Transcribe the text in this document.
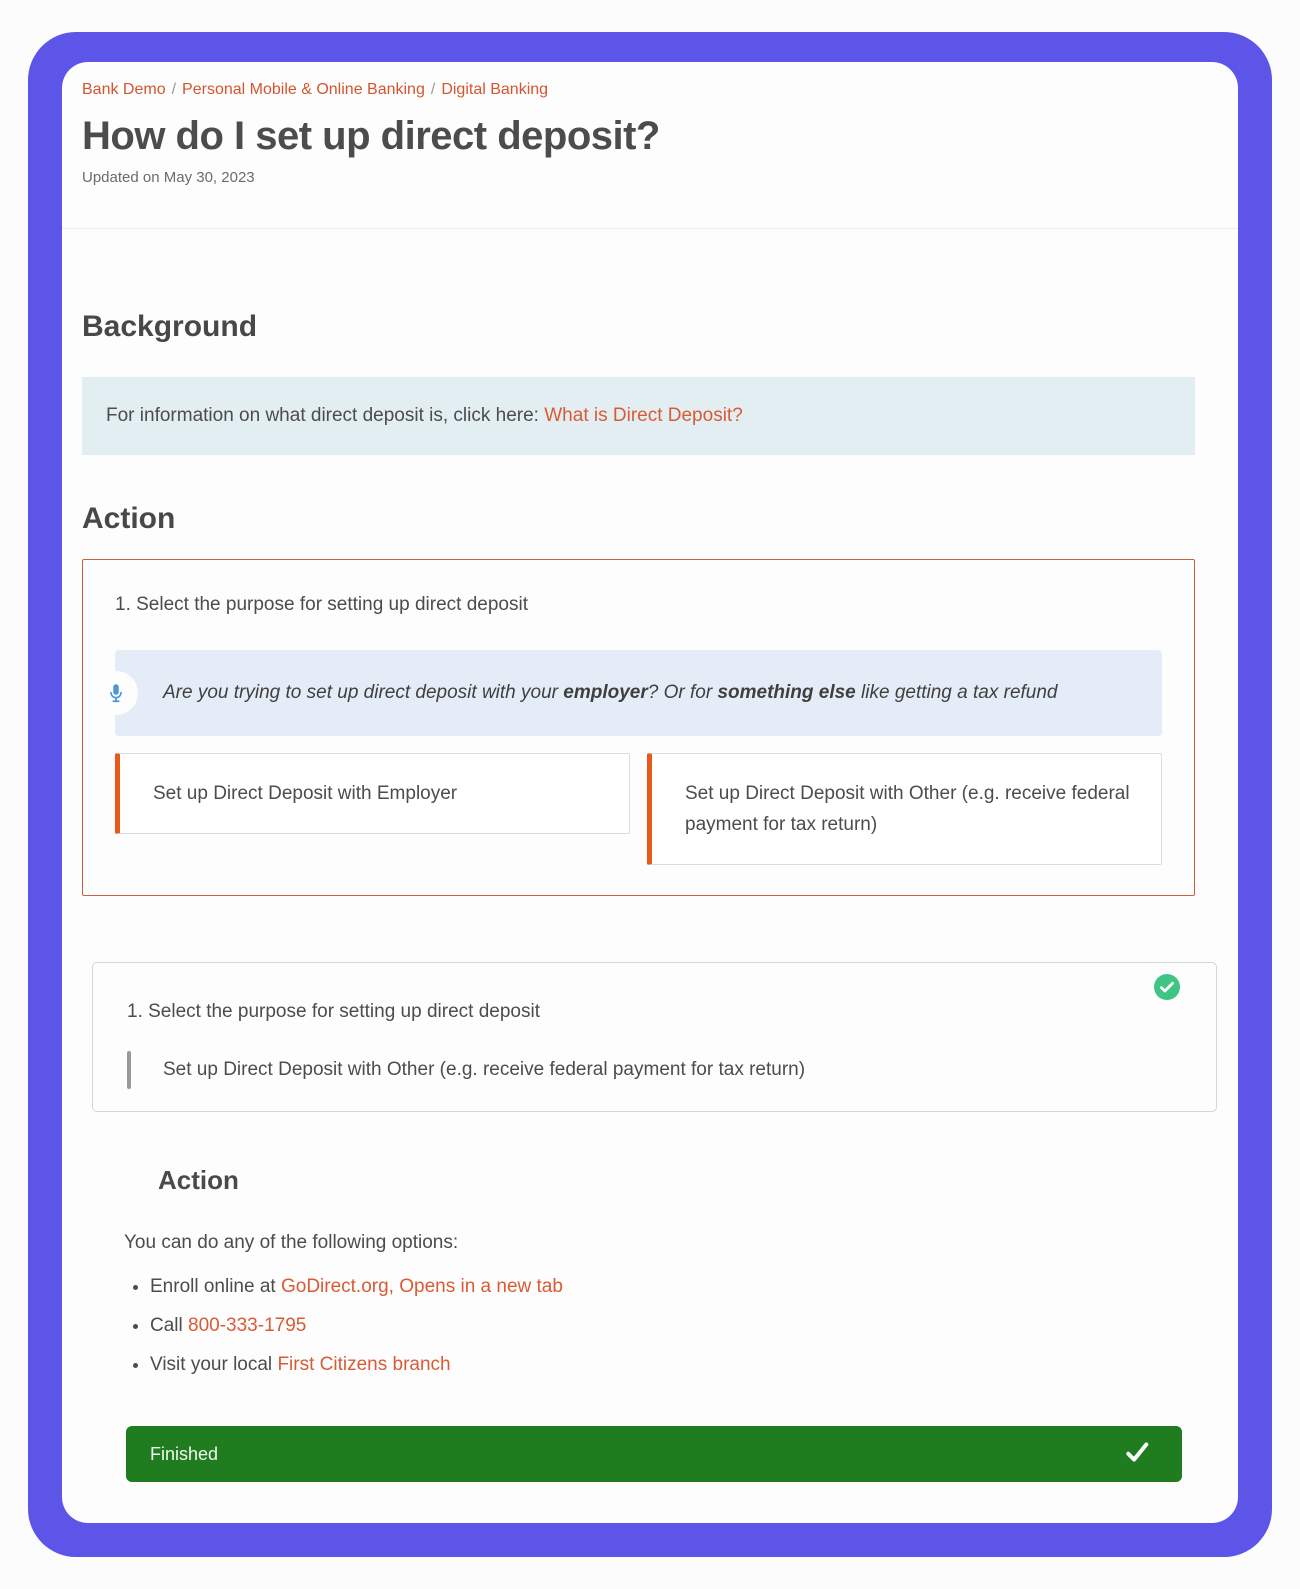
Bank Demo / Personal Mobile & Online Banking / Digital Banking
How do I set up direct deposit?
Updated on May 30, 2023
Background
For information on what direct deposit is, click here: What is Direct Deposit?
Action
1. Select the purpose for setting up direct deposit

Are you trying to set up direct deposit with your employer? Or for something else like getting a tax refund

Set up Direct Deposit with Employer	Set up Direct Deposit with Other (e.g. receive federal payment for tax return)
1. Select the purpose for setting up direct deposit
Set up Direct Deposit with Other (e.g. receive federal payment for tax return)
Action

You can do any of the following options:

• Enroll online at GoDirect.org, Opens in a new tab
• Call 800-333-1795
• Visit your local First Citizens branch
Finished
